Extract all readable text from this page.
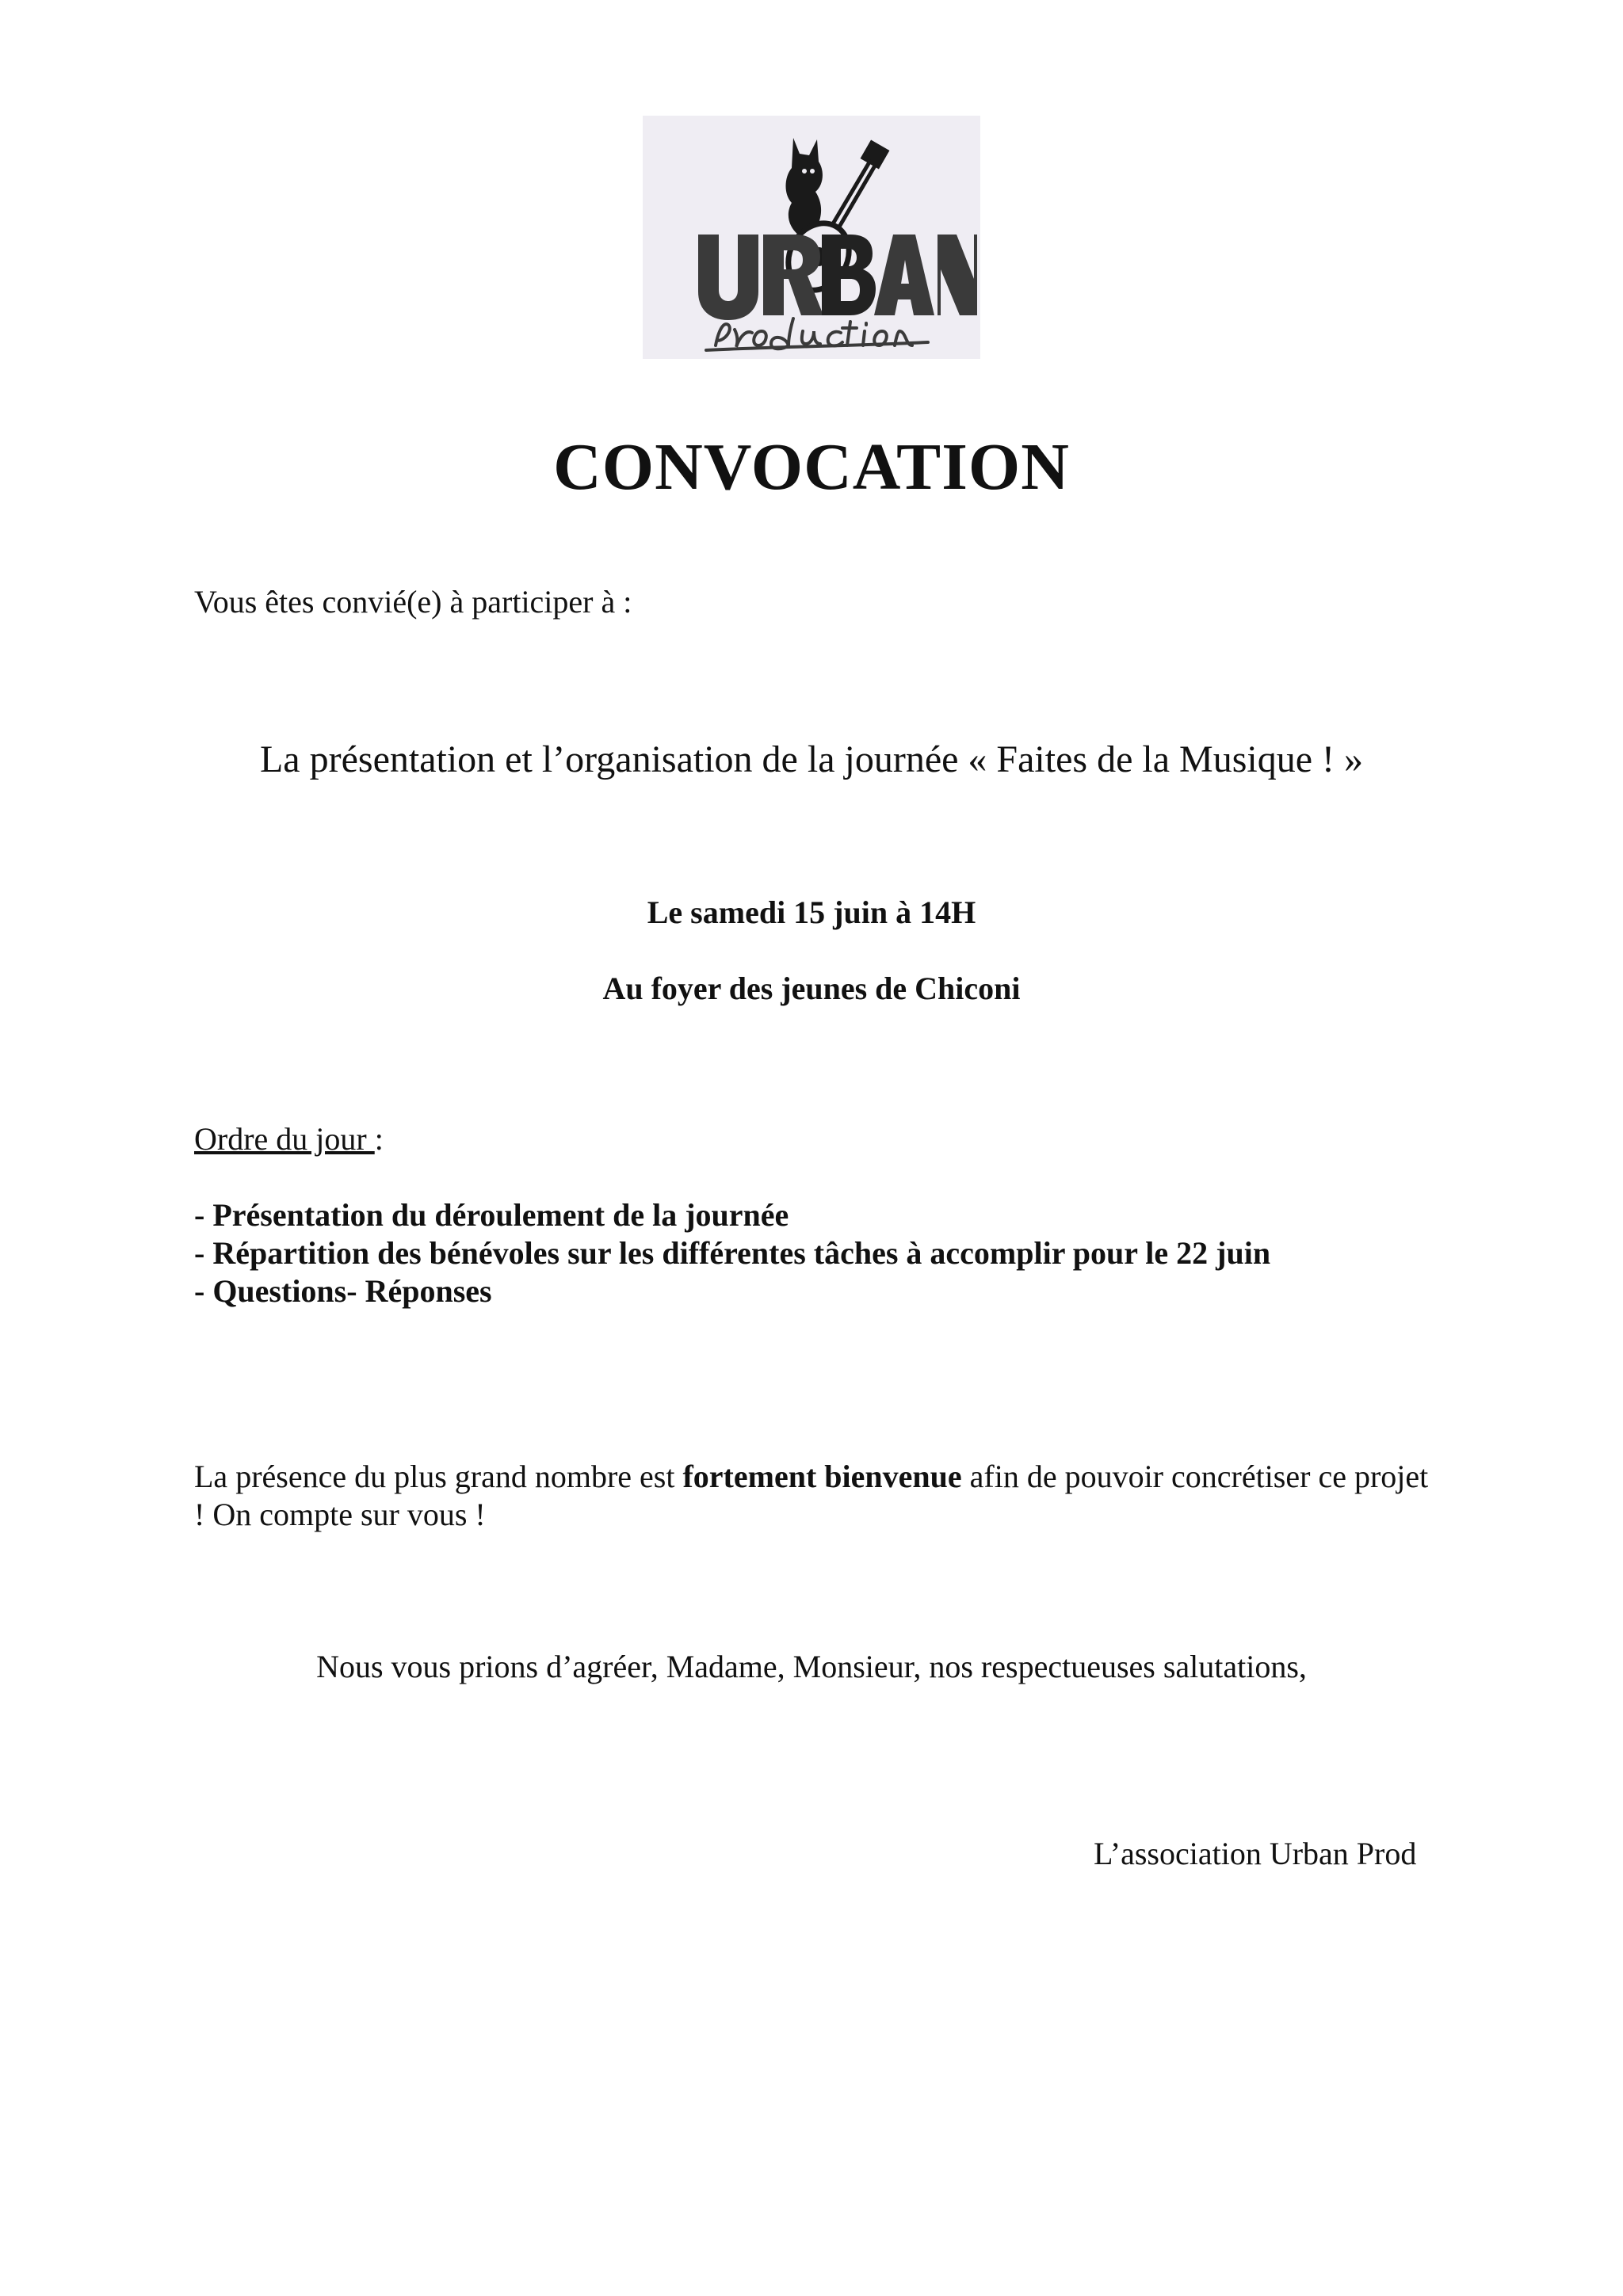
CONVOCATION
Vous êtes convié(e) à participer à :
La présentation et l’organisation de la journée « Faites de la Musique ! »
Le samedi 15 juin à 14H
Au foyer des jeunes de Chiconi
Ordre du jour :
- Présentation du déroulement de la journée
- Répartition des bénévoles sur les différentes tâches à accomplir pour le 22 juin
- Questions- Réponses
La présence du plus grand nombre est fortement bienvenue afin de pouvoir concrétiser ce projet ! On compte sur vous !
Nous vous prions d’agréer, Madame, Monsieur, nos respectueuses salutations,
L’association Urban Prod
